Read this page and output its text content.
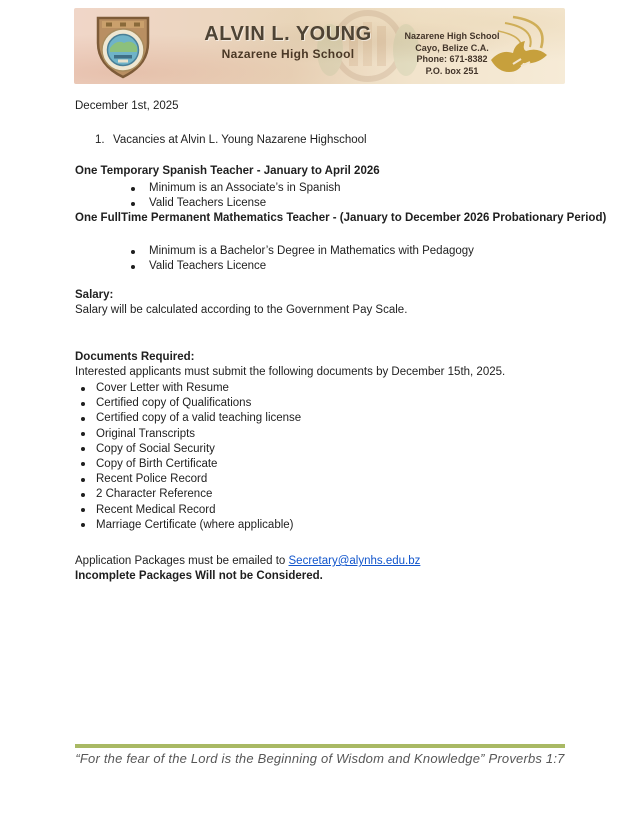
ALVIN L. YOUNG
Nazarene High School
Nazarene High School
Cayo, Belize C.A.
Phone: 671-8382
P.O. box 251
December 1st, 2025
1. Vacancies at Alvin L. Young Nazarene Highschool
One Temporary Spanish Teacher - January to April 2026
Minimum is an Associate’s in Spanish
Valid Teachers License
One FullTime Permanent Mathematics Teacher - (January to December 2026 Probationary Period)
Minimum is a Bachelor’s Degree in Mathematics with Pedagogy
Valid Teachers Licence
Salary:
Salary will be calculated according to the Government Pay Scale.
Documents Required:
Interested applicants must submit the following documents by December 15th, 2025.
Cover Letter with Resume
Certified copy of Qualifications
Certified copy of a valid teaching license
Original Transcripts
Copy of Social Security
Copy of Birth Certificate
Recent Police Record
2 Character Reference
Recent Medical Record
Marriage Certificate (where applicable)
Application Packages must be emailed to Secretary@alynhs.edu.bz
Incomplete Packages Will not be Considered.
“For the fear of the Lord is the Beginning of Wisdom and Knowledge” Proverbs 1:7
